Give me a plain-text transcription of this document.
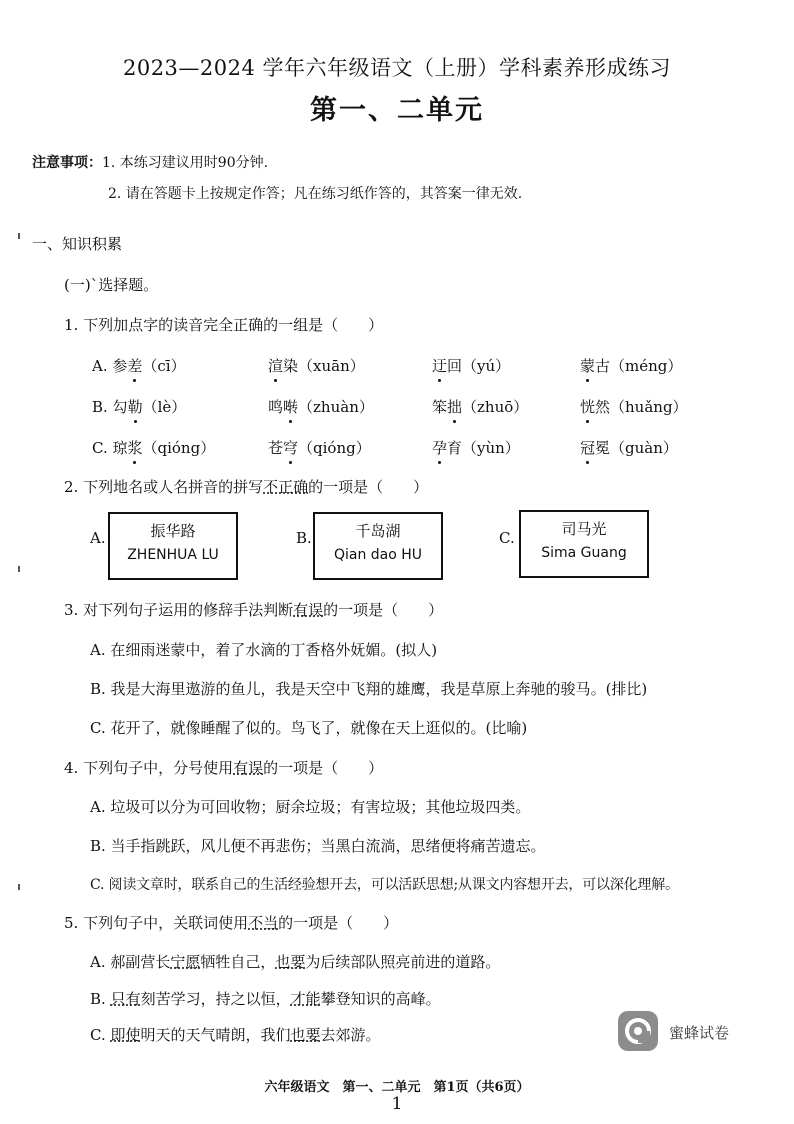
2023—2024 学年六年级语文（上册）学科素养形成练习
第一、二单元
注意事项：1. 本练习建议用时90分钟.
2. 请在答题卡上按规定作答；凡在练习纸作答的，其答案一律无效.
一、知识积累
(一)`选择题。
1. 下列加点字的读音完全正确的一组是（　　）
A. 参差（cī）	渲染（xuān）	迂回（yú）	蒙古（méng）
B. 勾勒（lè）	鸣啭（zhuàn）	笨拙（zhuō）	恍然（huǎng）
C. 琼浆（qióng）	苍穹（qióng）	孕育（yùn）	冠冕（guàn）
2. 下列地名或人名拼音的拼写不正确的一项是（　　）
A.	振华路
ZHENHUA LU
B.	千岛湖
Qian dao HU
C.	司马光
Sima Guang
3. 对下列句子运用的修辞手法判断有误的一项是（　　）
A. 在细雨迷蒙中，着了水滴的丁香格外妩媚。(拟人)
B. 我是大海里遨游的鱼儿，我是天空中飞翔的雄鹰，我是草原上奔驰的骏马。(排比)
C. 花开了，就像睡醒了似的。鸟飞了，就像在天上逛似的。(比喻)
4. 下列句子中，分号使用有误的一项是（　　）
A. 垃圾可以分为可回收物；厨余垃圾；有害垃圾；其他垃圾四类。
B. 当手指跳跃，风儿便不再悲伤；当黑白流淌，思绪便将痛苦遗忘。
C. 阅读文章时，联系自己的生活经验想开去，可以活跃思想;从课文内容想开去，可以深化理解。
5. 下列句子中，关联词使用不当的一项是（　　）
A. 郝副营长宁愿牺牲自己，也要为后续部队照亮前进的道路。
B. 只有刻苦学习，持之以恒，才能攀登知识的高峰。
C. 即使明天的天气晴朗，我们也要去郊游。	蜜蜂试卷
六年级语文　第一、二单元　第1页（共6页）
1
